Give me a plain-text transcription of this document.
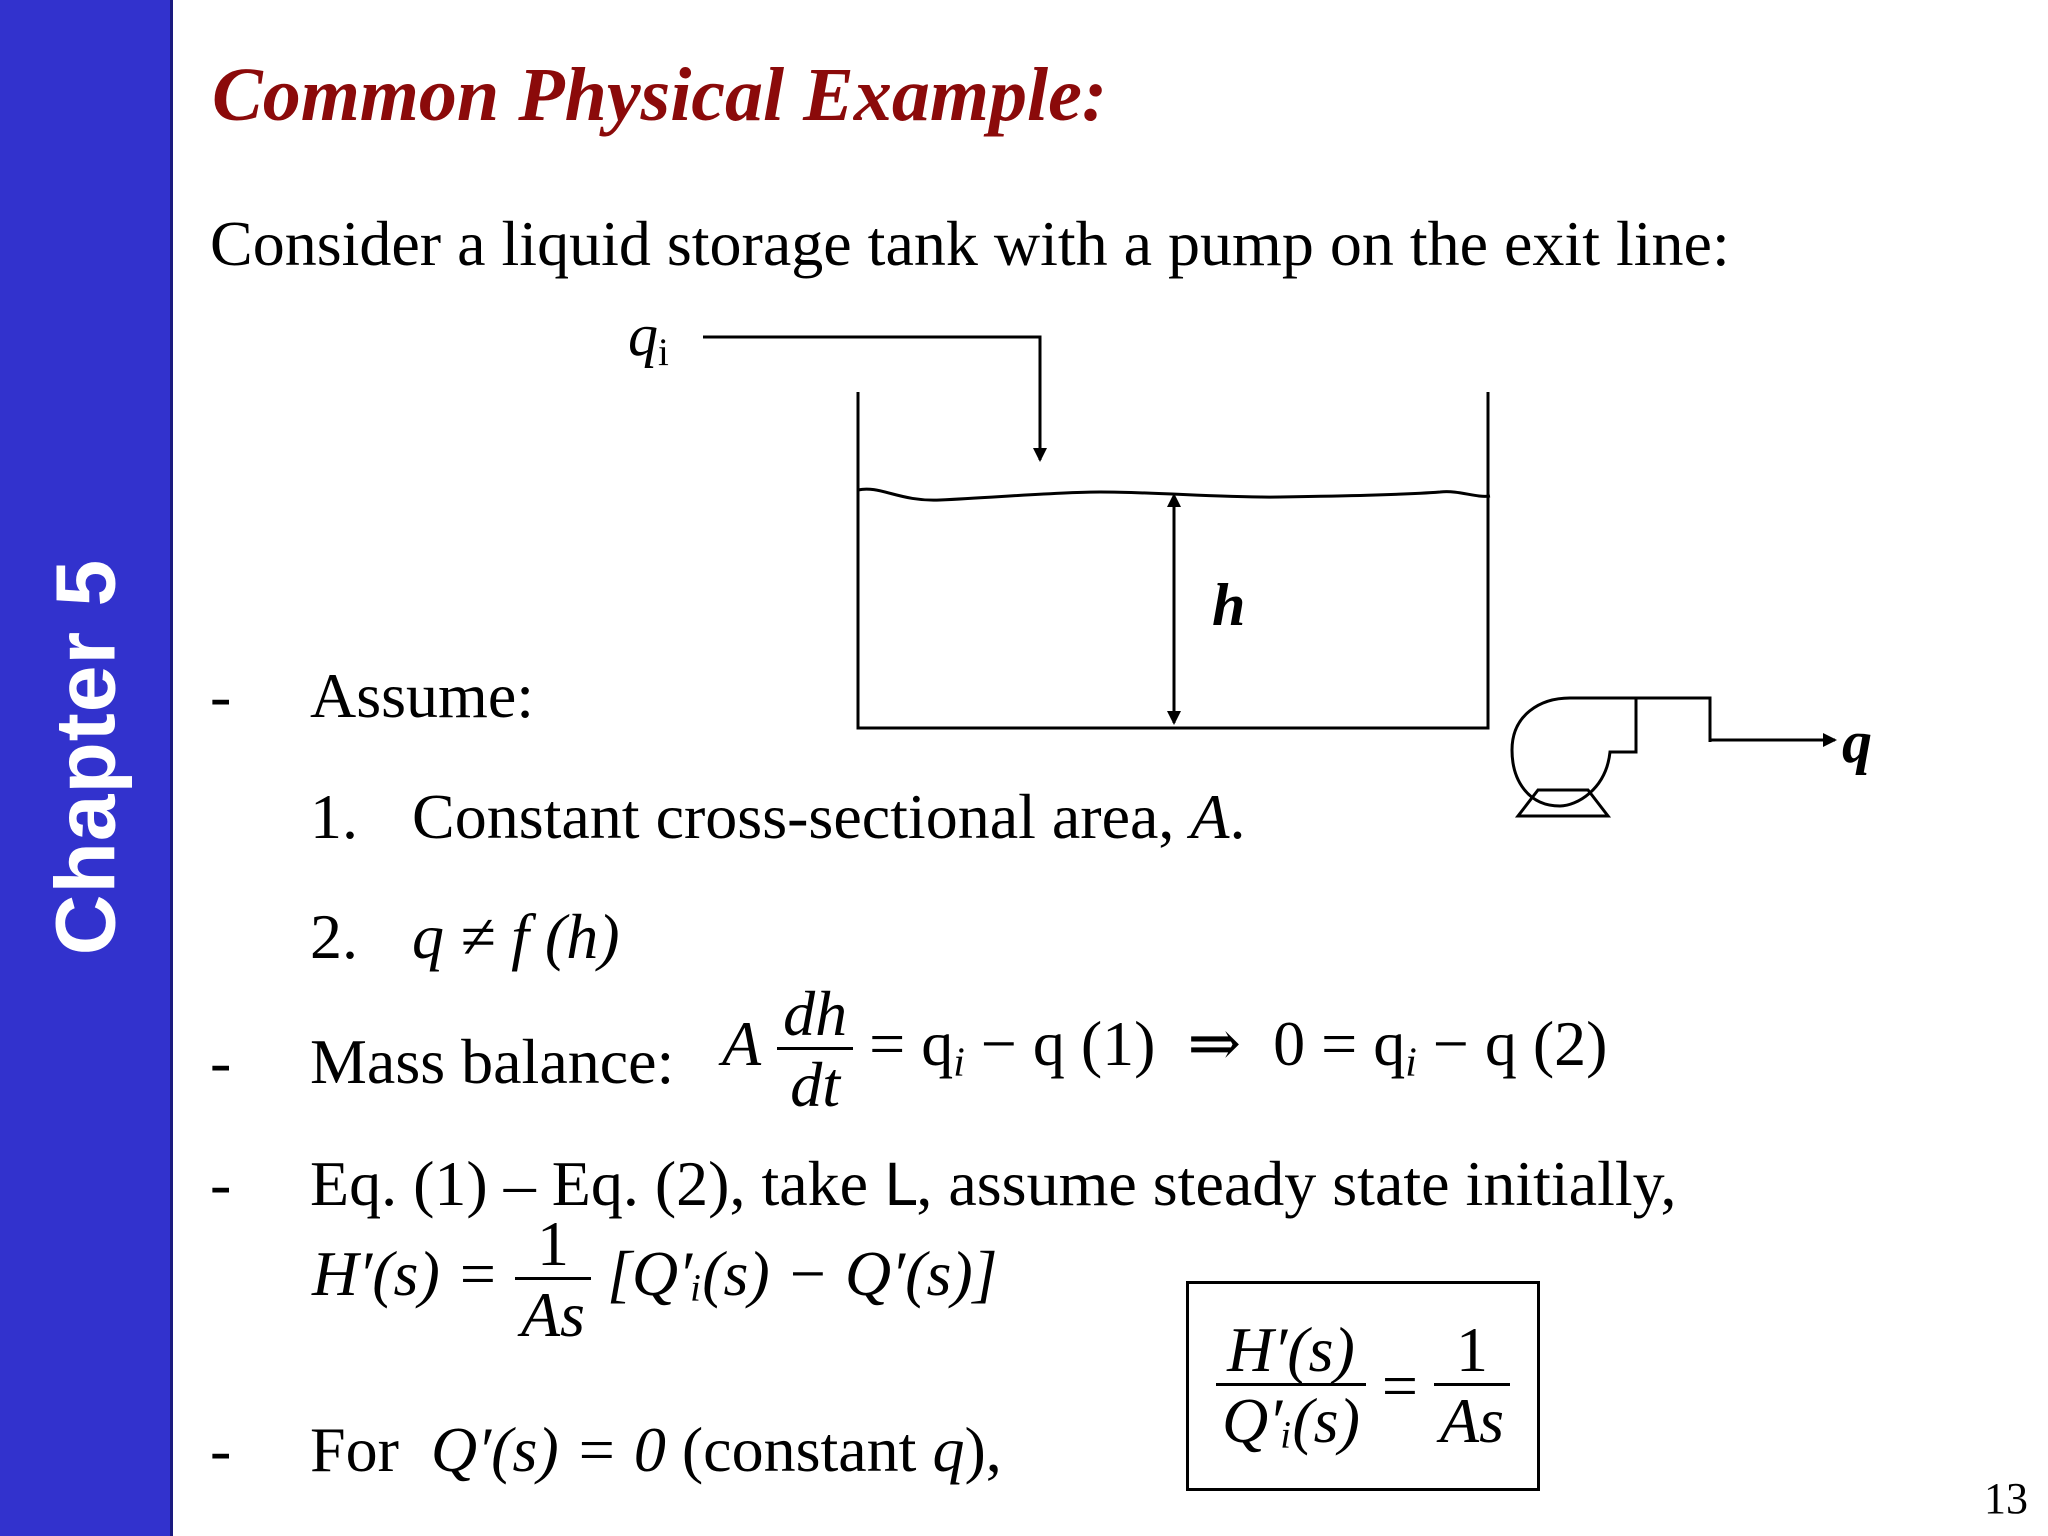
Chapter 5
Common Physical Example:
Consider a liquid storage tank with a pump on the exit line:
$q_i$
h
q
- Assume:
1. Constant cross-sectional area, A.
2. q ≠ f (h)
- Mass balance: A $\frac{dh}{dt} = q_i - q$ (1) ⇒ $0 = q_i - q$ (2)
- Eq. (1) – Eq. (2), take L, assume steady state initially,
$H'(s) = \frac{1}{As}$ [Q′ᵢ(s) − Q′(s)]
- For Q′(s) = 0 (constant q),	$\frac{H'(s)}{\text{Q′ᵢ(s)}}$
=
$\frac{1}{As}$
13
